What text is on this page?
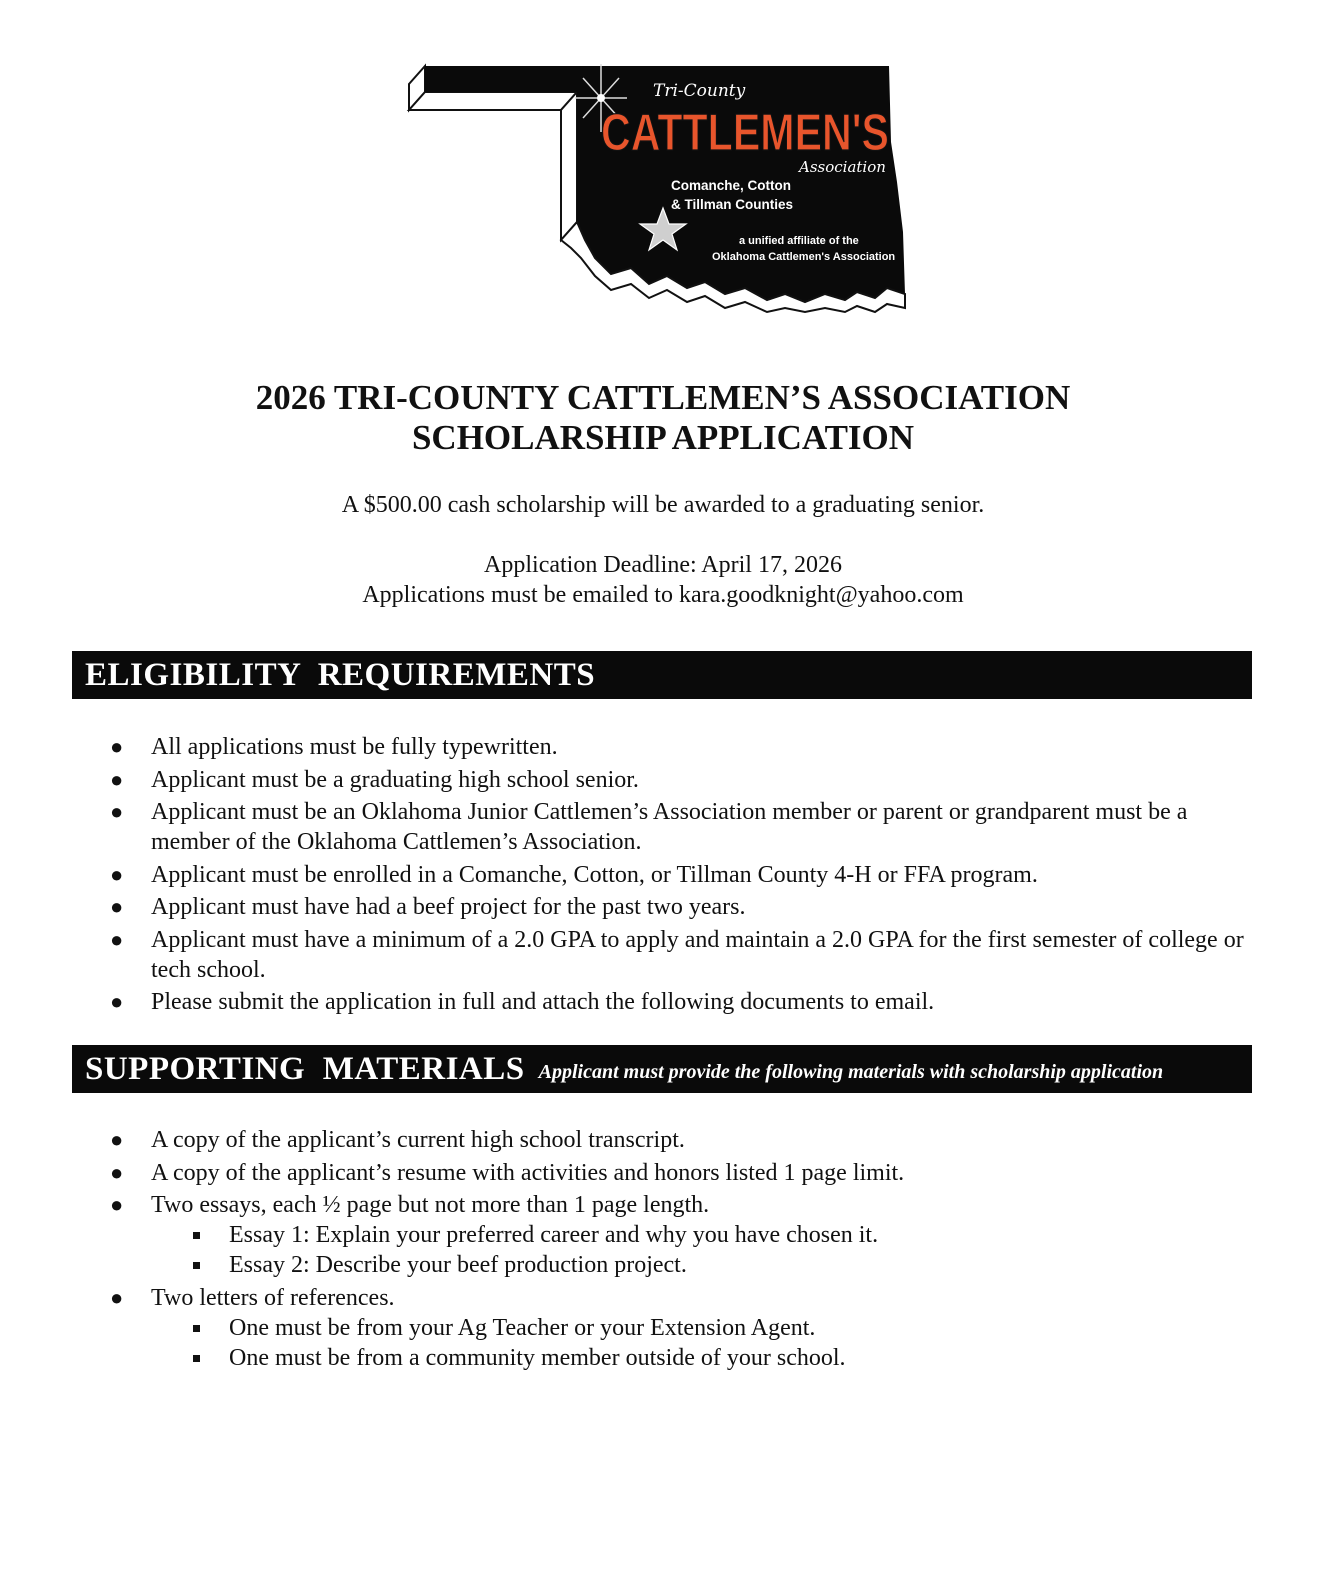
Tri-County
CATTLEMEN'S
Association
Comanche, Cotton
& Tillman Counties
a unified affiliate of the
Oklahoma Cattlemen's Association
2026 TRI-COUNTY CATTLEMEN’S ASSOCIATION
SCHOLARSHIP APPLICATION
A $500.00 cash scholarship will be awarded to a graduating senior.
Application Deadline: April 17, 2026
Applications must be emailed to kara.goodknight@yahoo.com
ELIGIBILITY  REQUIREMENTS
● All applications must be fully typewritten.
● Applicant must be a graduating high school senior.
● Applicant must be an Oklahoma Junior Cattlemen’s Association member or parent or grandparent must be a member of the Oklahoma Cattlemen’s Association.
● Applicant must be enrolled in a Comanche, Cotton, or Tillman County 4-H or FFA program.
● Applicant must have had a beef project for the past two years.
● Applicant must have a minimum of a 2.0 GPA to apply and maintain a 2.0 GPA for the first semester of college or tech school.
● Please submit the application in full and attach the following documents to email.
SUPPORTING  MATERIALS Applicant must provide the following materials with scholarship application
● A copy of the applicant’s current high school transcript.
● A copy of the applicant’s resume with activities and honors listed 1 page limit.
● Two essays, each ½ page but not more than 1 page length.
Essay 1: Explain your preferred career and why you have chosen it.
Essay 2: Describe your beef production project.
● Two letters of references.
One must be from your Ag Teacher or your Extension Agent.
One must be from a community member outside of your school.
